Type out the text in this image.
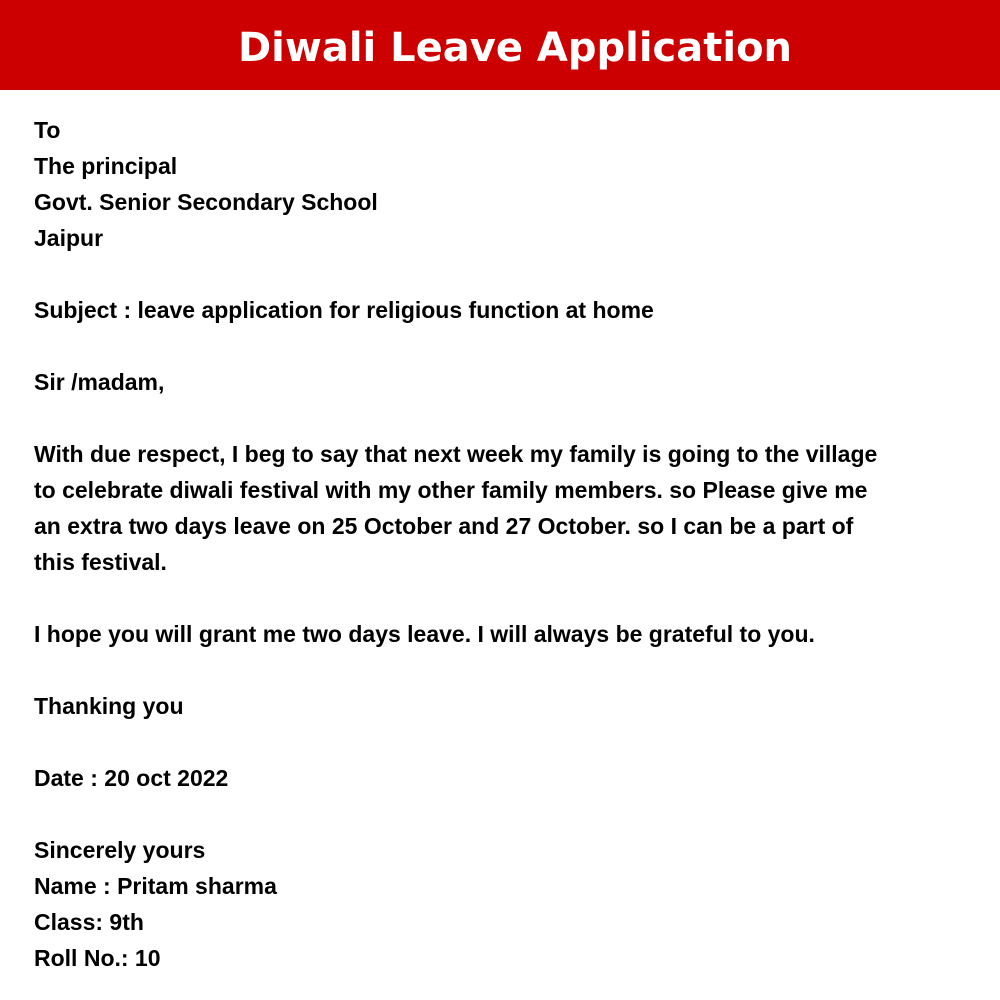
Diwali Leave Application
To
The principal
Govt. Senior Secondary School
Jaipur
Subject : leave application for religious function at home
Sir /madam,
With due respect, I beg to say that next week my family is going to the village
to celebrate diwali festival with my other family members. so Please give me
an extra two days leave on 25 October and 27 October. so I can be a part of
this festival.
I hope you will grant me two days leave. I will always be grateful to you.
Thanking you
Date : 20 oct 2022
Sincerely yours
Name : Pritam sharma
Class: 9th
Roll No.: 10
